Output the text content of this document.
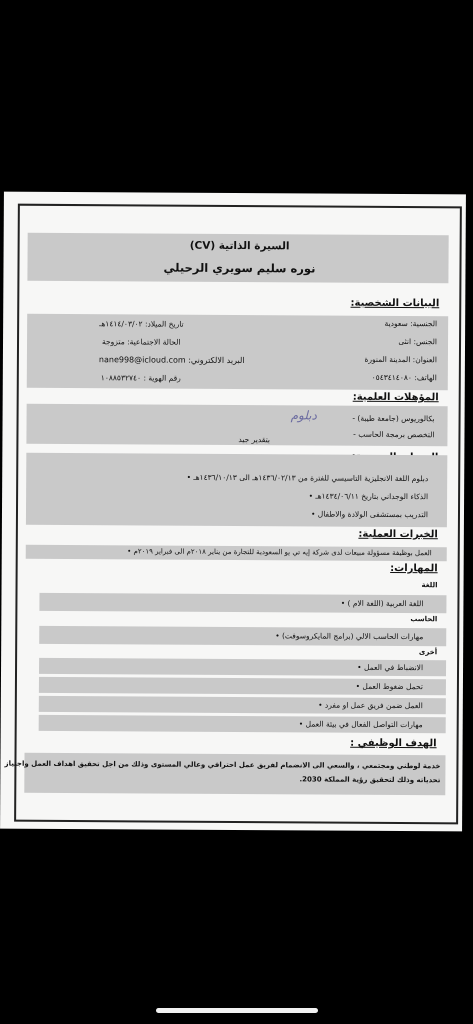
السيرة الذاتية (CV)
نوره سليم سويري الرحيلي
البيانات الشخصية:
الجنسية: سعودية
تاريخ الميلاد: ١٤١٤/٠٣/٠٢هـ
الجنس: انثى
الحالة الاجتماعية: متزوجة
العنوان: المدينة المنورة
البريد الالكتروني: nane998@icloud.com
الهاتف: ٠٥٤٣٤١٤٠٨٠
رقم الهوية : ١٠٨٨٥٣٢٧٤٠
المؤهلات العلمية:
بكالوريوس (جامعة طيبة) -
دبلوم
التخصص برمجة الحاسب -
بتقدير جيد
دبلوم اللغة الانجليزية التاسيسي للفترة من ١٤٣٦/٠٢/١٣هـ الى ١٤٣٦/١٠/١٣هـ •
الذكاء الوجداني بتاريخ ١٤٣٤/٠٦/١١هـ •
التدريب بمستشفى الولادة والاطفال •
الخبرات العملية:
العمل بوظيفة مسؤولة مبيعات لدى شركة إيه تي يو السعودية للتجارة من يناير ٢٠١٨م الى فبراير ٢٠١٩م •
المهارات:
اللغة
اللغة العربية (اللغة الام ) •
الحاسب
مهارات الحاسب الالي (برامج المايكروسوفت) •
أخرى
الانضباط في العمل •
تحمل ضغوط العمل •
العمل ضمن فريق عمل او مفرد •
مهارات التواصل الفعال في بيئة العمل •
الهدف الوظيفي :
خدمة لوطني ومجتمعي ، والسعي الى الانضمام لفريق عمل احترافي وعالي المستوى وذلك من اجل تحقيق اهداف العمل واجتياز
تحدياته وذلك لتحقيق رؤية المملكة 2030.
